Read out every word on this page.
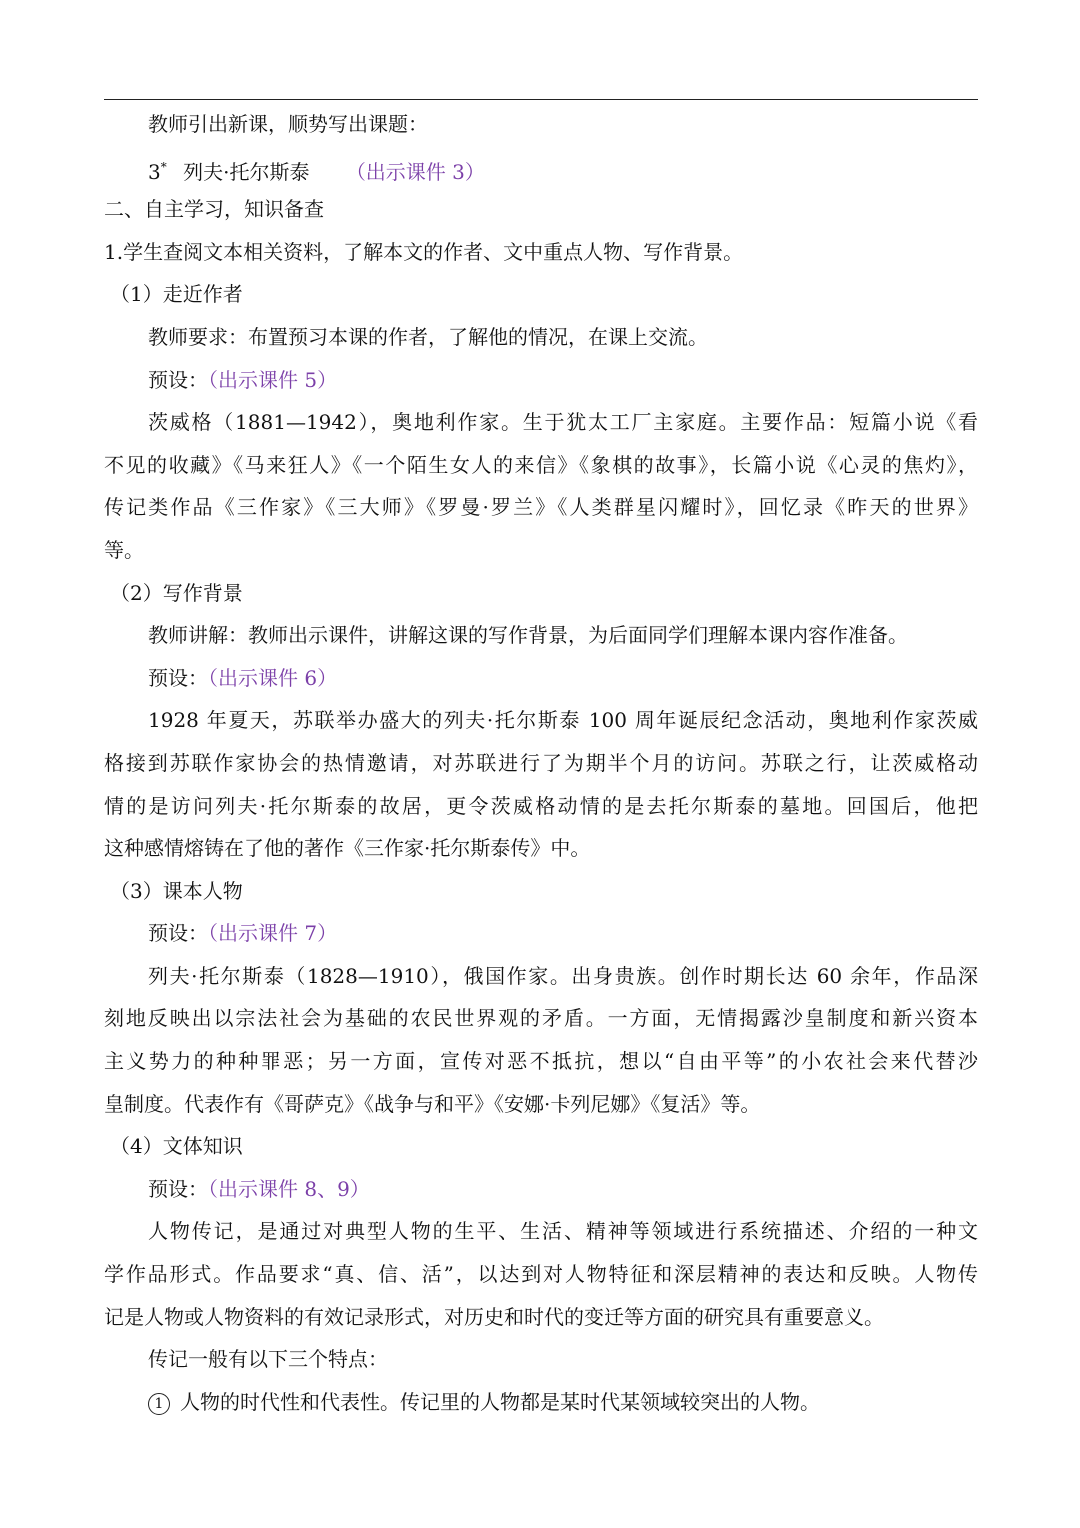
教师引出新课，顺势写出课题：
3* 列夫·托尔斯泰 （出示课件 3）
二、自主学习，知识备查
1.学生查阅文本相关资料，了解本文的作者、文中重点人物、写作背景。
（1）走近作者
教师要求：布置预习本课的作者，了解他的情况，在课上交流。
预设：（出示课件 5）
茨威格（1881—1942），奥地利作家。生于犹太工厂主家庭。主要作品：短篇小说《看
不见的收藏》《马来狂人》《一个陌生女人的来信》《象棋的故事》，长篇小说《心灵的焦灼》，
传记类作品《三作家》《三大师》《罗曼·罗兰》《人类群星闪耀时》，回忆录《昨天的世界》
等。
（2）写作背景
教师讲解：教师出示课件，讲解这课的写作背景，为后面同学们理解本课内容作准备。
预设：（出示课件 6）
1928 年夏天，苏联举办盛大的列夫·托尔斯泰 100 周年诞辰纪念活动，奥地利作家茨威
格接到苏联作家协会的热情邀请，对苏联进行了为期半个月的访问。苏联之行，让茨威格动
情的是访问列夫·托尔斯泰的故居，更令茨威格动情的是去托尔斯泰的墓地。回国后，他把
这种感情熔铸在了他的著作《三作家·托尔斯泰传》中。
（3）课本人物
预设：（出示课件 7）
列夫·托尔斯泰（1828—1910），俄国作家。出身贵族。创作时期长达 60 余年，作品深
刻地反映出以宗法社会为基础的农民世界观的矛盾。一方面，无情揭露沙皇制度和新兴资本
主义势力的种种罪恶；另一方面，宣传对恶不抵抗，想以“自由平等”的小农社会来代替沙
皇制度。代表作有《哥萨克》《战争与和平》《安娜·卡列尼娜》《复活》等。
（4）文体知识
预设：（出示课件 8、9）
人物传记，是通过对典型人物的生平、生活、精神等领域进行系统描述、介绍的一种文
学作品形式。作品要求“真、信、活”，以达到对人物特征和深层精神的表达和反映。人物传
记是人物或人物资料的有效记录形式，对历史和时代的变迁等方面的研究具有重要意义。
传记一般有以下三个特点：
1 人物的时代性和代表性。传记里的人物都是某时代某领域较突出的人物。
